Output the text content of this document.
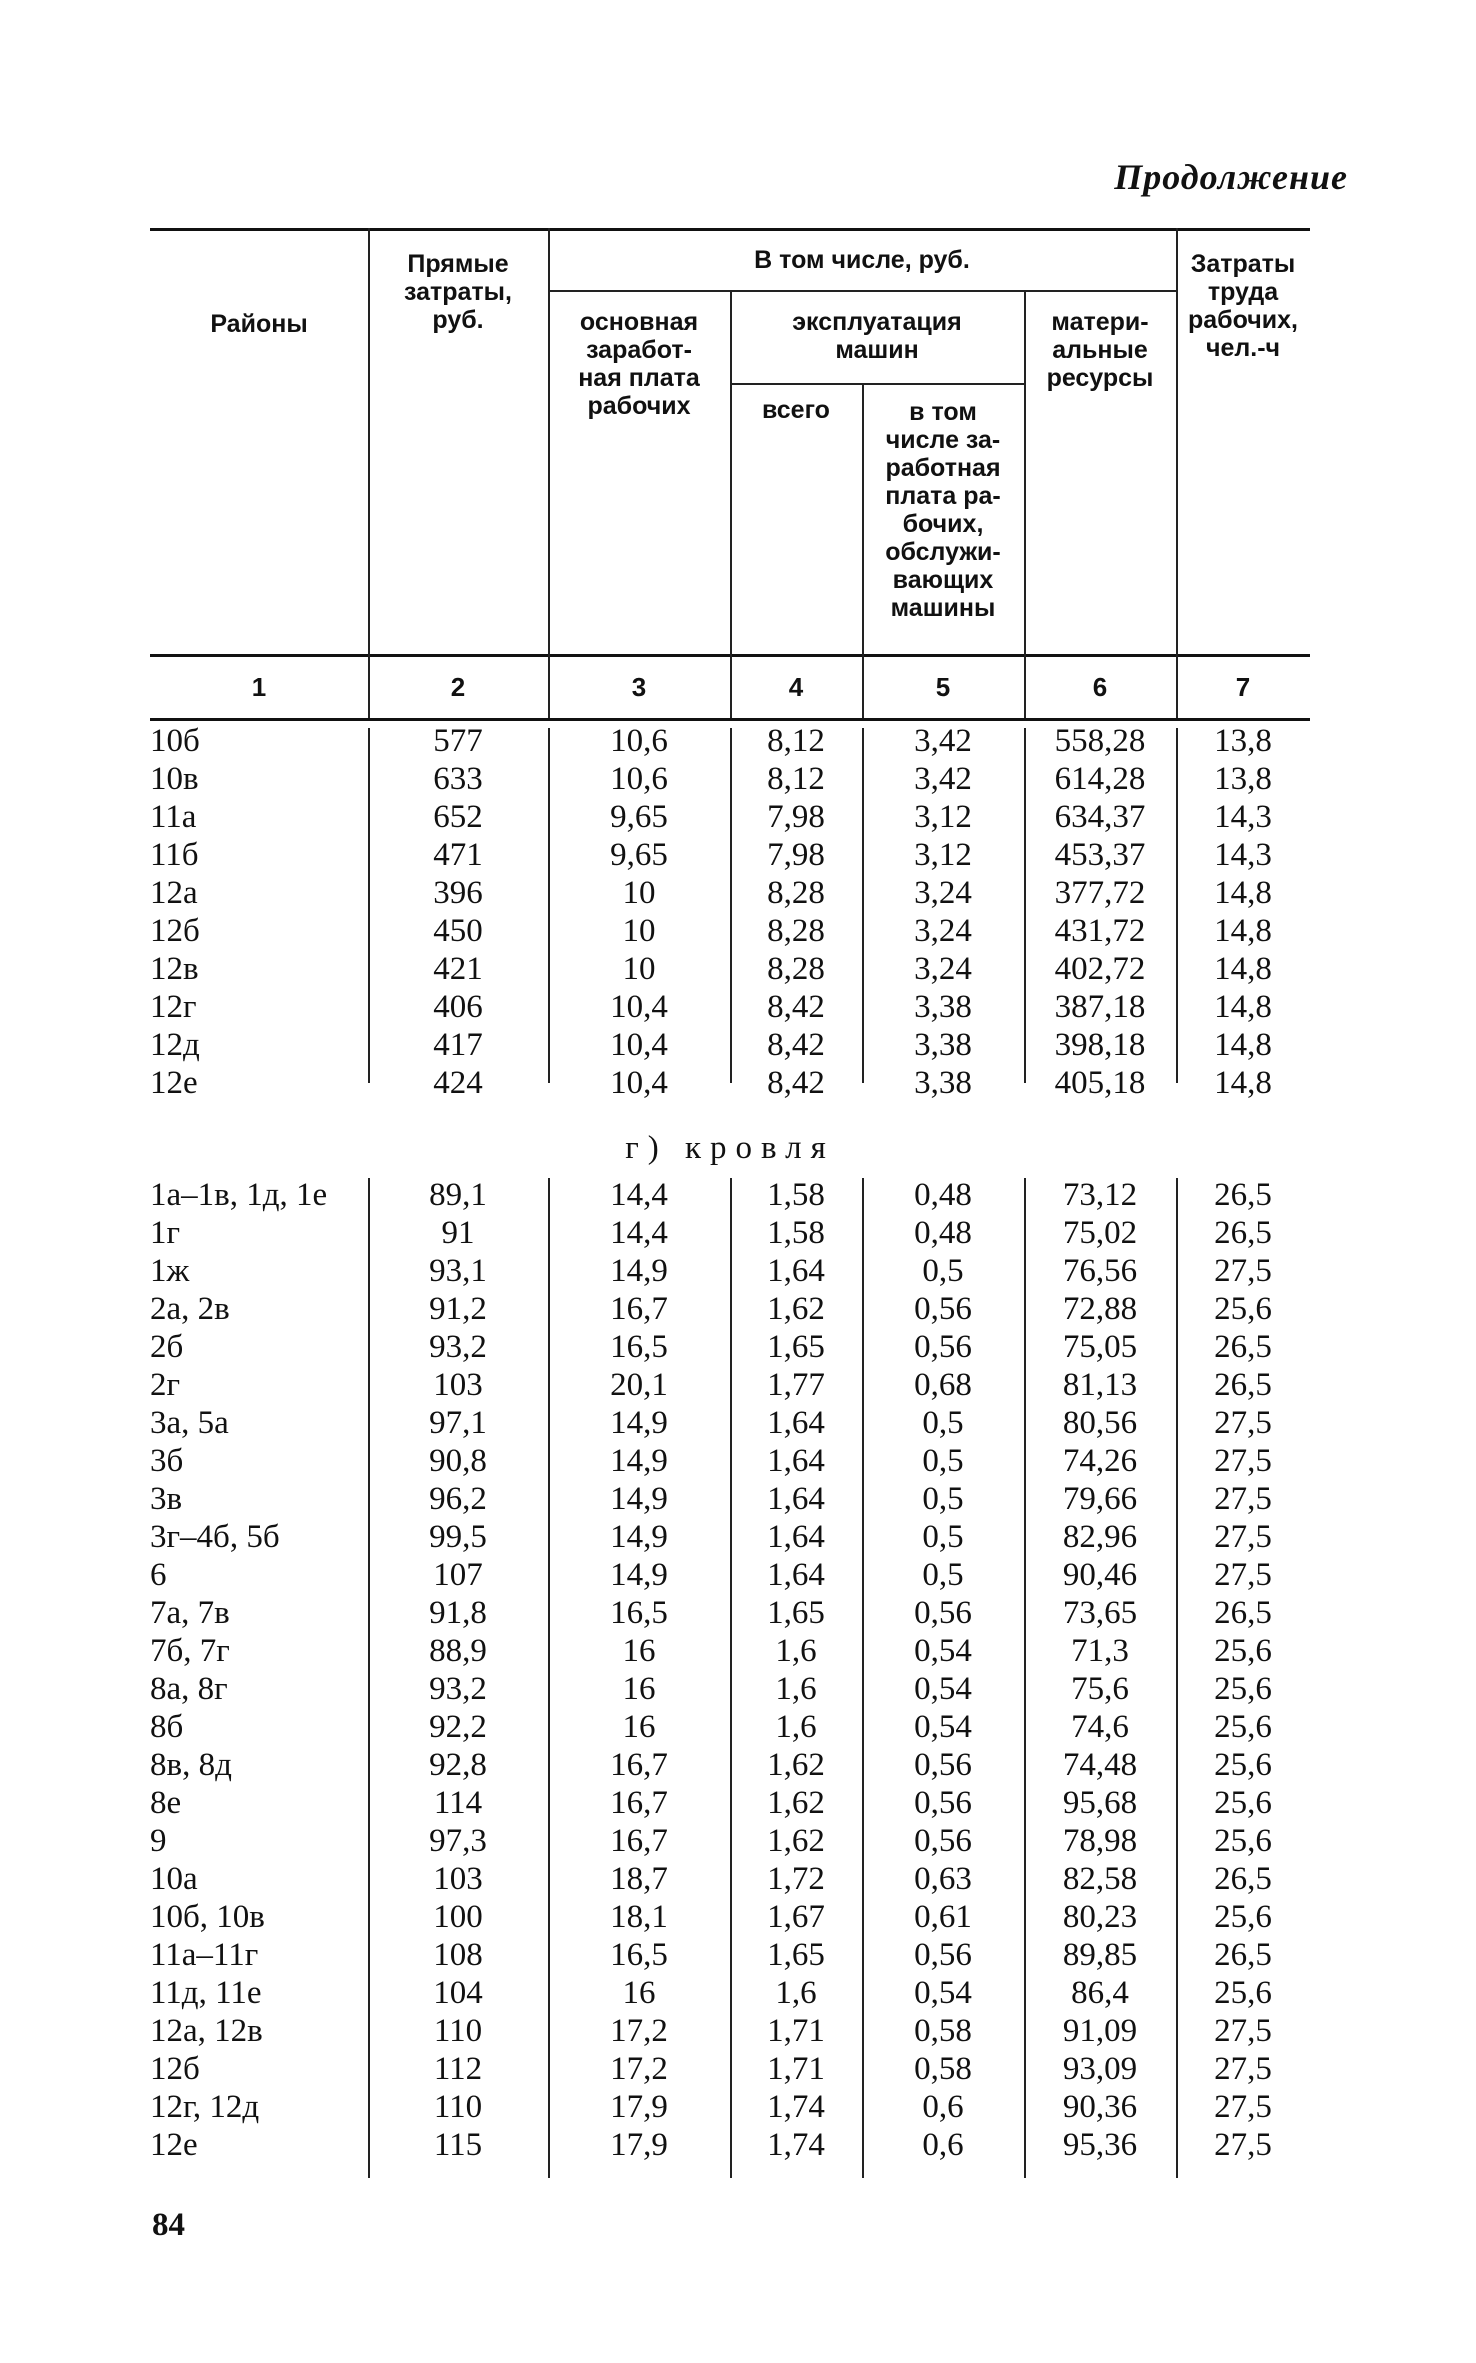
Продолжение
Районы
Прямые
затраты,
руб.
В том числе, руб.
основная
заработ-
ная плата
рабочих
эксплуатация
машин
всего	в том
числе за-
работная
плата ра-
бочих,
обслужи-
вающих
машины
матери-
альные
ресурсы
Затраты
труда
рабочих,
чел.-ч
1	2	3	4	5	6	7
10б	577	10,6	8,12	3,42	558,28	13,8
10в	633	10,6	8,12	3,42	614,28	13,8
11а	652	9,65	7,98	3,12	634,37	14,3
11б	471	9,65	7,98	3,12	453,37	14,3
12а	396	10	8,28	3,24	377,72	14,8
12б	450	10	8,28	3,24	431,72	14,8
12в	421	10	8,28	3,24	402,72	14,8
12г	406	10,4	8,42	3,38	387,18	14,8
12д	417	10,4	8,42	3,38	398,18	14,8
12е	424	10,4	8,42	3,38	405,18	14,8
г) кровля
1а–1в, 1д, 1е	89,1	14,4	1,58	0,48	73,12	26,5
1г	91	14,4	1,58	0,48	75,02	26,5
1ж	93,1	14,9	1,64	0,5	76,56	27,5
2а, 2в	91,2	16,7	1,62	0,56	72,88	25,6
2б	93,2	16,5	1,65	0,56	75,05	26,5
2г	103	20,1	1,77	0,68	81,13	26,5
3а, 5а	97,1	14,9	1,64	0,5	80,56	27,5
3б	90,8	14,9	1,64	0,5	74,26	27,5
3в	96,2	14,9	1,64	0,5	79,66	27,5
3г–4б, 5б	99,5	14,9	1,64	0,5	82,96	27,5
6	107	14,9	1,64	0,5	90,46	27,5
7а, 7в	91,8	16,5	1,65	0,56	73,65	26,5
7б, 7г	88,9	16	1,6	0,54	71,3	25,6
8а, 8г	93,2	16	1,6	0,54	75,6	25,6
8б	92,2	16	1,6	0,54	74,6	25,6
8в, 8д	92,8	16,7	1,62	0,56	74,48	25,6
8е	114	16,7	1,62	0,56	95,68	25,6
9	97,3	16,7	1,62	0,56	78,98	25,6
10а	103	18,7	1,72	0,63	82,58	26,5
10б, 10в	100	18,1	1,67	0,61	80,23	25,6
11а–11г	108	16,5	1,65	0,56	89,85	26,5
11д, 11е	104	16	1,6	0,54	86,4	25,6
12а, 12в	110	17,2	1,71	0,58	91,09	27,5
12б	112	17,2	1,71	0,58	93,09	27,5
12г, 12д	110	17,9	1,74	0,6	90,36	27,5
12е	115	17,9	1,74	0,6	95,36	27,5
84
